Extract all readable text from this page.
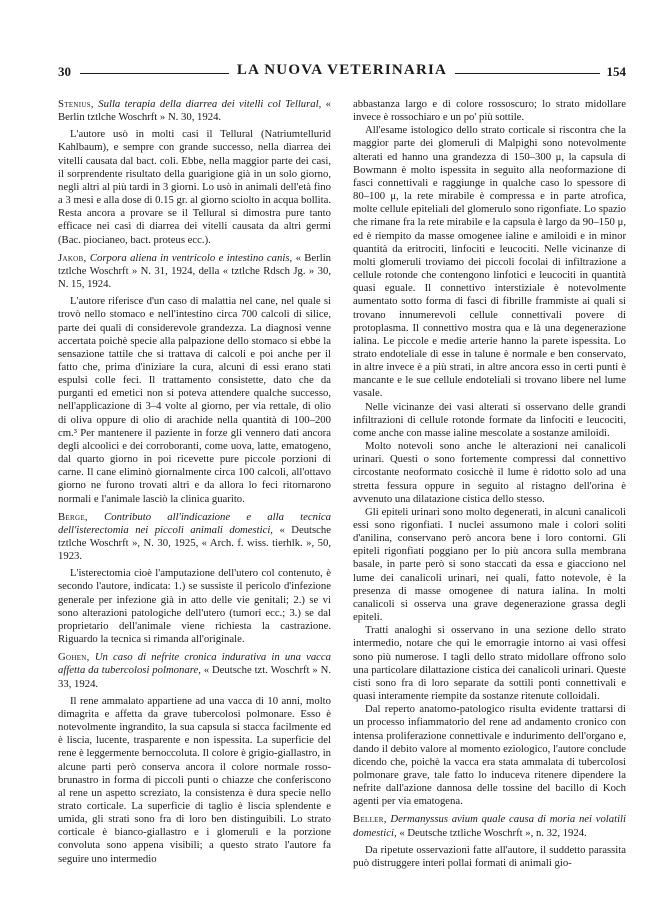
30	LA NUOVA VETERINARIA	154

Stenius, Sulla terapia della diarrea dei vitelli col Tellural, « Berlin tztlche Woschrft » N. 30, 1924.

L'autore usò in molti casi il Tellural (Natriumtellurid Kahlbaum), e sempre con grande successo, nella diarrea dei vitelli causata dal bact. coli. Ebbe, nella maggior parte dei casi, il sorprendente risultato della guarigione già in un solo giorno, negli altri al più tardi in 3 giorni. Lo usò in animali dell'età fino a 3 mesi e alla dose di 0.15 gr. al giorno sciolto in acqua bollita. Resta ancora a provare se il Tellural si dimostra pure tanto efficace nei casi di diarrea dei vitelli causata da altri germi (Bac. piocianeo, bact. proteus ecc.).

Jakob, Corpora aliena in ventricolo e intestino canis, « Berlin tztlche Woschrft » N. 31, 1924, della « tztlche Rdsch Jg. » 30, N. 15, 1924.

L'autore riferisce d'un caso di malattia nel cane, nel quale si trovò nello stomaco e nell'intestino circa 700 calcoli di silice, parte dei quali di considerevole grandezza. La diagnosi venne accertata poichè specie alla palpazione dello stomaco si ebbe la sensazione tattile che si trattava di calcoli e poi anche per il fatto che, prima d'iniziare la cura, alcuni di essi erano stati espulsi colle feci. Il trattamento consistette, dato che da purganti ed emetici non si poteva attendere qualche successo, nell'applicazione di 3–4 volte al giorno, per via rettale, di olio di oliva oppure di olio di arachide nella quantità di 100–200 cm.³ Per mantenere il paziente in forze gli vennero dati ancora degli alcoolici e dei corroboranti, come uova, latte, ematogeno, dal quarto giorno in poi ricevette pure piccole porzioni di carne. Il cane eliminò giornalmente circa 100 calcoli, all'ottavo giorno ne furono trovati altri e da allora lo feci ritornarono normali e l'animale lasciò la clinica guarito.

Berge, Contributo all'indicazione e alla tecnica dell'isterectomia nei piccoli animali domestici, « Deutsche tztlche Woschrft », N. 30, 1925, « Arch. f. wiss. tierhlk. », 50, 1923.

L'isterectomia cioè l'amputazione dell'utero col contenuto, è secondo l'autore, indicata: 1.) se sussiste il pericolo d'infezione generale per infezione già in atto delle vie genitali; 2.) se vi sono alterazioni patologiche dell'utero (tumori ecc.; 3.) se dal proprietario dell'animale viene richiesta la castrazione. Riguardo la tecnica si rimanda all'originale.

Gohen, Un caso di nefrite cronica indurativa in una vacca affetta da tubercolosi polmonare, « Deutsche tzt. Woschrft » N. 33, 1924.

Il rene ammalato appartiene ad una vacca di 10 anni, molto dimagrita e affetta da grave tubercolosi polmonare. Esso è notevolmente ingrandito, la sua capsula si stacca facilmente ed è liscia, lucente, trasparente e non ispessita. La superficie del rene è leggermente bernoccoluta. Il colore è grigio-giallastro, in alcune parti però conserva ancora il colore normale rosso-brunastro in forma di piccoli punti o chiazze che conferiscono al rene un aspetto screziato, la consistenza è dura specie nello strato corticale. La superficie di taglio è liscia splendente e umida, gli strati sono fra di loro ben distinguibili. Lo strato corticale è bianco-giallastro e i glomeruli e la porzione convoluta sono appena visibili; a questo strato l'autore fa seguire uno intermedio

abbastanza largo e di colore rossoscuro; lo strato midollare invece è rossochiaro e un po' più sottile.

All'esame istologico dello strato corticale si riscontra che la maggior parte dei glomeruli di Malpighi sono notevolmente alterati ed hanno una grandezza di 150–300 μ, la capsula di Bowmann è molto ispessita in seguito alla neoformazione di fasci connettivali e raggiunge in qualche caso lo spessore di 80–100 μ, la rete mirabile è compressa e in parte atrofica, molte cellule epiteliali del glomerulo sono rigonfiate. Lo spazio che rimane fra la rete mirabile e la capsula è largo da 90–150 μ, ed è riempito da masse omogenee ialine e amiloidi e in minor quantità da eritrociti, linfociti e leucociti. Nelle vicinanze di molti glomeruli troviamo dei piccoli focolai di infiltrazione a cellule rotonde che contengono linfotici e leucociti in quantità quasi eguale. Il connettivo interstiziale è notevolmente aumentato sotto forma di fasci di fibrille frammiste ai quali si trovano innumerevoli cellule connettivali povere di protoplasma. Il connettivo mostra qua e là una degenerazione ialina. Le piccole e medie arterie hanno la parete ispessita. Lo strato endoteliale di esse in talune è normale e ben conservato, in altre invece è a più strati, in altre ancora esso in certi punti è mancante e le sue cellule endoteliali si trovano libere nel lume vasale.

Nelle vicinanze dei vasi alterati si osservano delle grandi infiltrazioni di cellule rotonde formate da linfociti e leucociti, come anche con masse ialine mescolate a sostanze amiloidi.

Molto notevoli sono anche le alterazioni nei canalicoli urinari. Questi o sono fortemente compressi dal connettivo circostante neoformato cosicchè il lume è ridotto solo ad una stretta fessura oppure in seguito al ristagno dell'orina è avvenuto una dilatazione cistica dello stesso.

Gli epiteli urinari sono molto degenerati, in alcuni canalicoli essi sono rigonfiati. I nuclei assumono male i colori soliti d'anilina, conservano però ancora bene i loro contorni. Gli epiteli rigonfiati poggiano per lo più ancora sulla membrana basale, in parte però si sono staccati da essa e giacciono nel lume dei canalicoli urinari, nei quali, fatto notevole, è la presenza di masse omogenee di natura ialina. In molti canalicoli si osserva una grave degenerazione grassa degli epiteli.

Tratti analoghi si osservano in una sezione dello strato intermedio, notare che qui le emorragie intorno ai vasi offesi sono più numerose. I tagli dello strato midollare offrono solo una particolare dilattazione cistica dei canalicoli urinari. Queste cisti sono fra di loro separate da sottili ponti connettivali e quasi interamente riempite da sostanze ritenute colloidali.

Dal reperto anatomo-patologico risulta evidente trattarsi di un processo infiammatorio del rene ad andamento cronico con intensa proliferazione connettivale e indurimento dell'organo e, dando il debito valore al momento eziologico, l'autore conclude dicendo che, poichè la vacca era stata ammalata di tubercolosi polmonare grave, tale fatto lo induceva ritenere dipendere la nefrite dall'azione dannosa delle tossine del bacillo di Koch agenti per via ematogena.

Beller, Dermanyssus avium quale causa di moria nei volatili domestici, « Deutsche tztliche Woschrft », n. 32, 1924.

Da ripetute osservazioni fatte all'autore, il suddetto parassita può distruggere interi pollai formati di animali gio-
